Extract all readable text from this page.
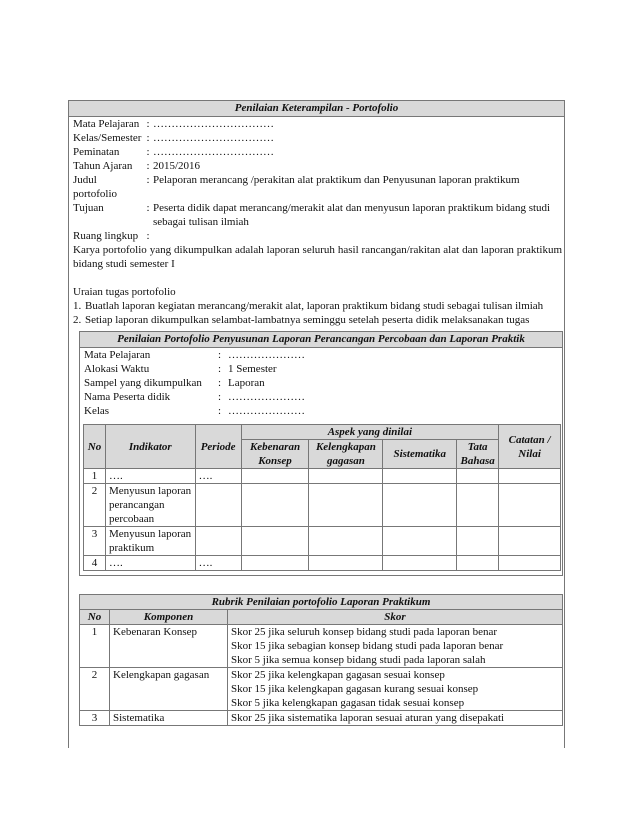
Penilaian Keterampilan - Portofolio
Mata Pelajaran : ……………………………
Kelas/Semester : ……………………………
Peminatan	: ……………………………
Tahun Ajaran	: 2015/2016
Judul portofolio
: Pelaporan merancang /perakitan alat praktikum dan Penyusunan laporan praktikum
Tujuan	: Peserta didik dapat merancang/merakit alat dan menyusun laporan praktikum bidang studi sebagai tulisan ilmiah
Ruang lingkup :
Karya portofolio yang dikumpulkan adalah laporan seluruh hasil rancangan/rakitan alat dan laporan praktikum bidang studi semester I
Uraian tugas portofolio
1. Buatlah laporan kegiatan merancang/merakit alat, laporan praktikum bidang studi sebagai tulisan ilmiah
2. Setiap laporan dikumpulkan selambat-lambatnya seminggu setelah peserta didik melaksanakan tugas
Penilaian Portofolio Penyusunan Laporan Perancangan Percobaan dan Laporan Praktik
Mata Pelajaran	: …………………
Alokasi Waktu	: 1 Semester
Sampel yang dikumpulkan	: Laporan
Nama Peserta didik	: …………………
Kelas	: …………………
No	Indikator	Periode	Aspek yang dinilai				Catatan / Nilai
			Kebenaran Konsep	Kelengkapan gagasan	Sistematika	Tata Bahasa	
1	….	….					
2	Menyusun laporan perancangan percobaan						
3	Menyusun laporan praktikum						
4	….	….					
Rubrik Penilaian portofolio Laporan Praktikum		
No	Komponen	Skor
1	Kebenaran Konsep	Skor 25 jika seluruh konsep bidang studi pada laporan benar
Skor 15 jika sebagian konsep bidang studi pada laporan benar
Skor 5 jika semua konsep bidang studi pada laporan salah

2	Kelengkapan gagasan	Skor 25 jika kelengkapan gagasan sesuai konsep
Skor 15 jika kelengkapan gagasan kurang sesuai konsep
Skor 5 jika kelengkapan gagasan tidak sesuai konsep

3	Sistematika	Skor 25 jika sistematika laporan sesuai aturan yang disepakati
